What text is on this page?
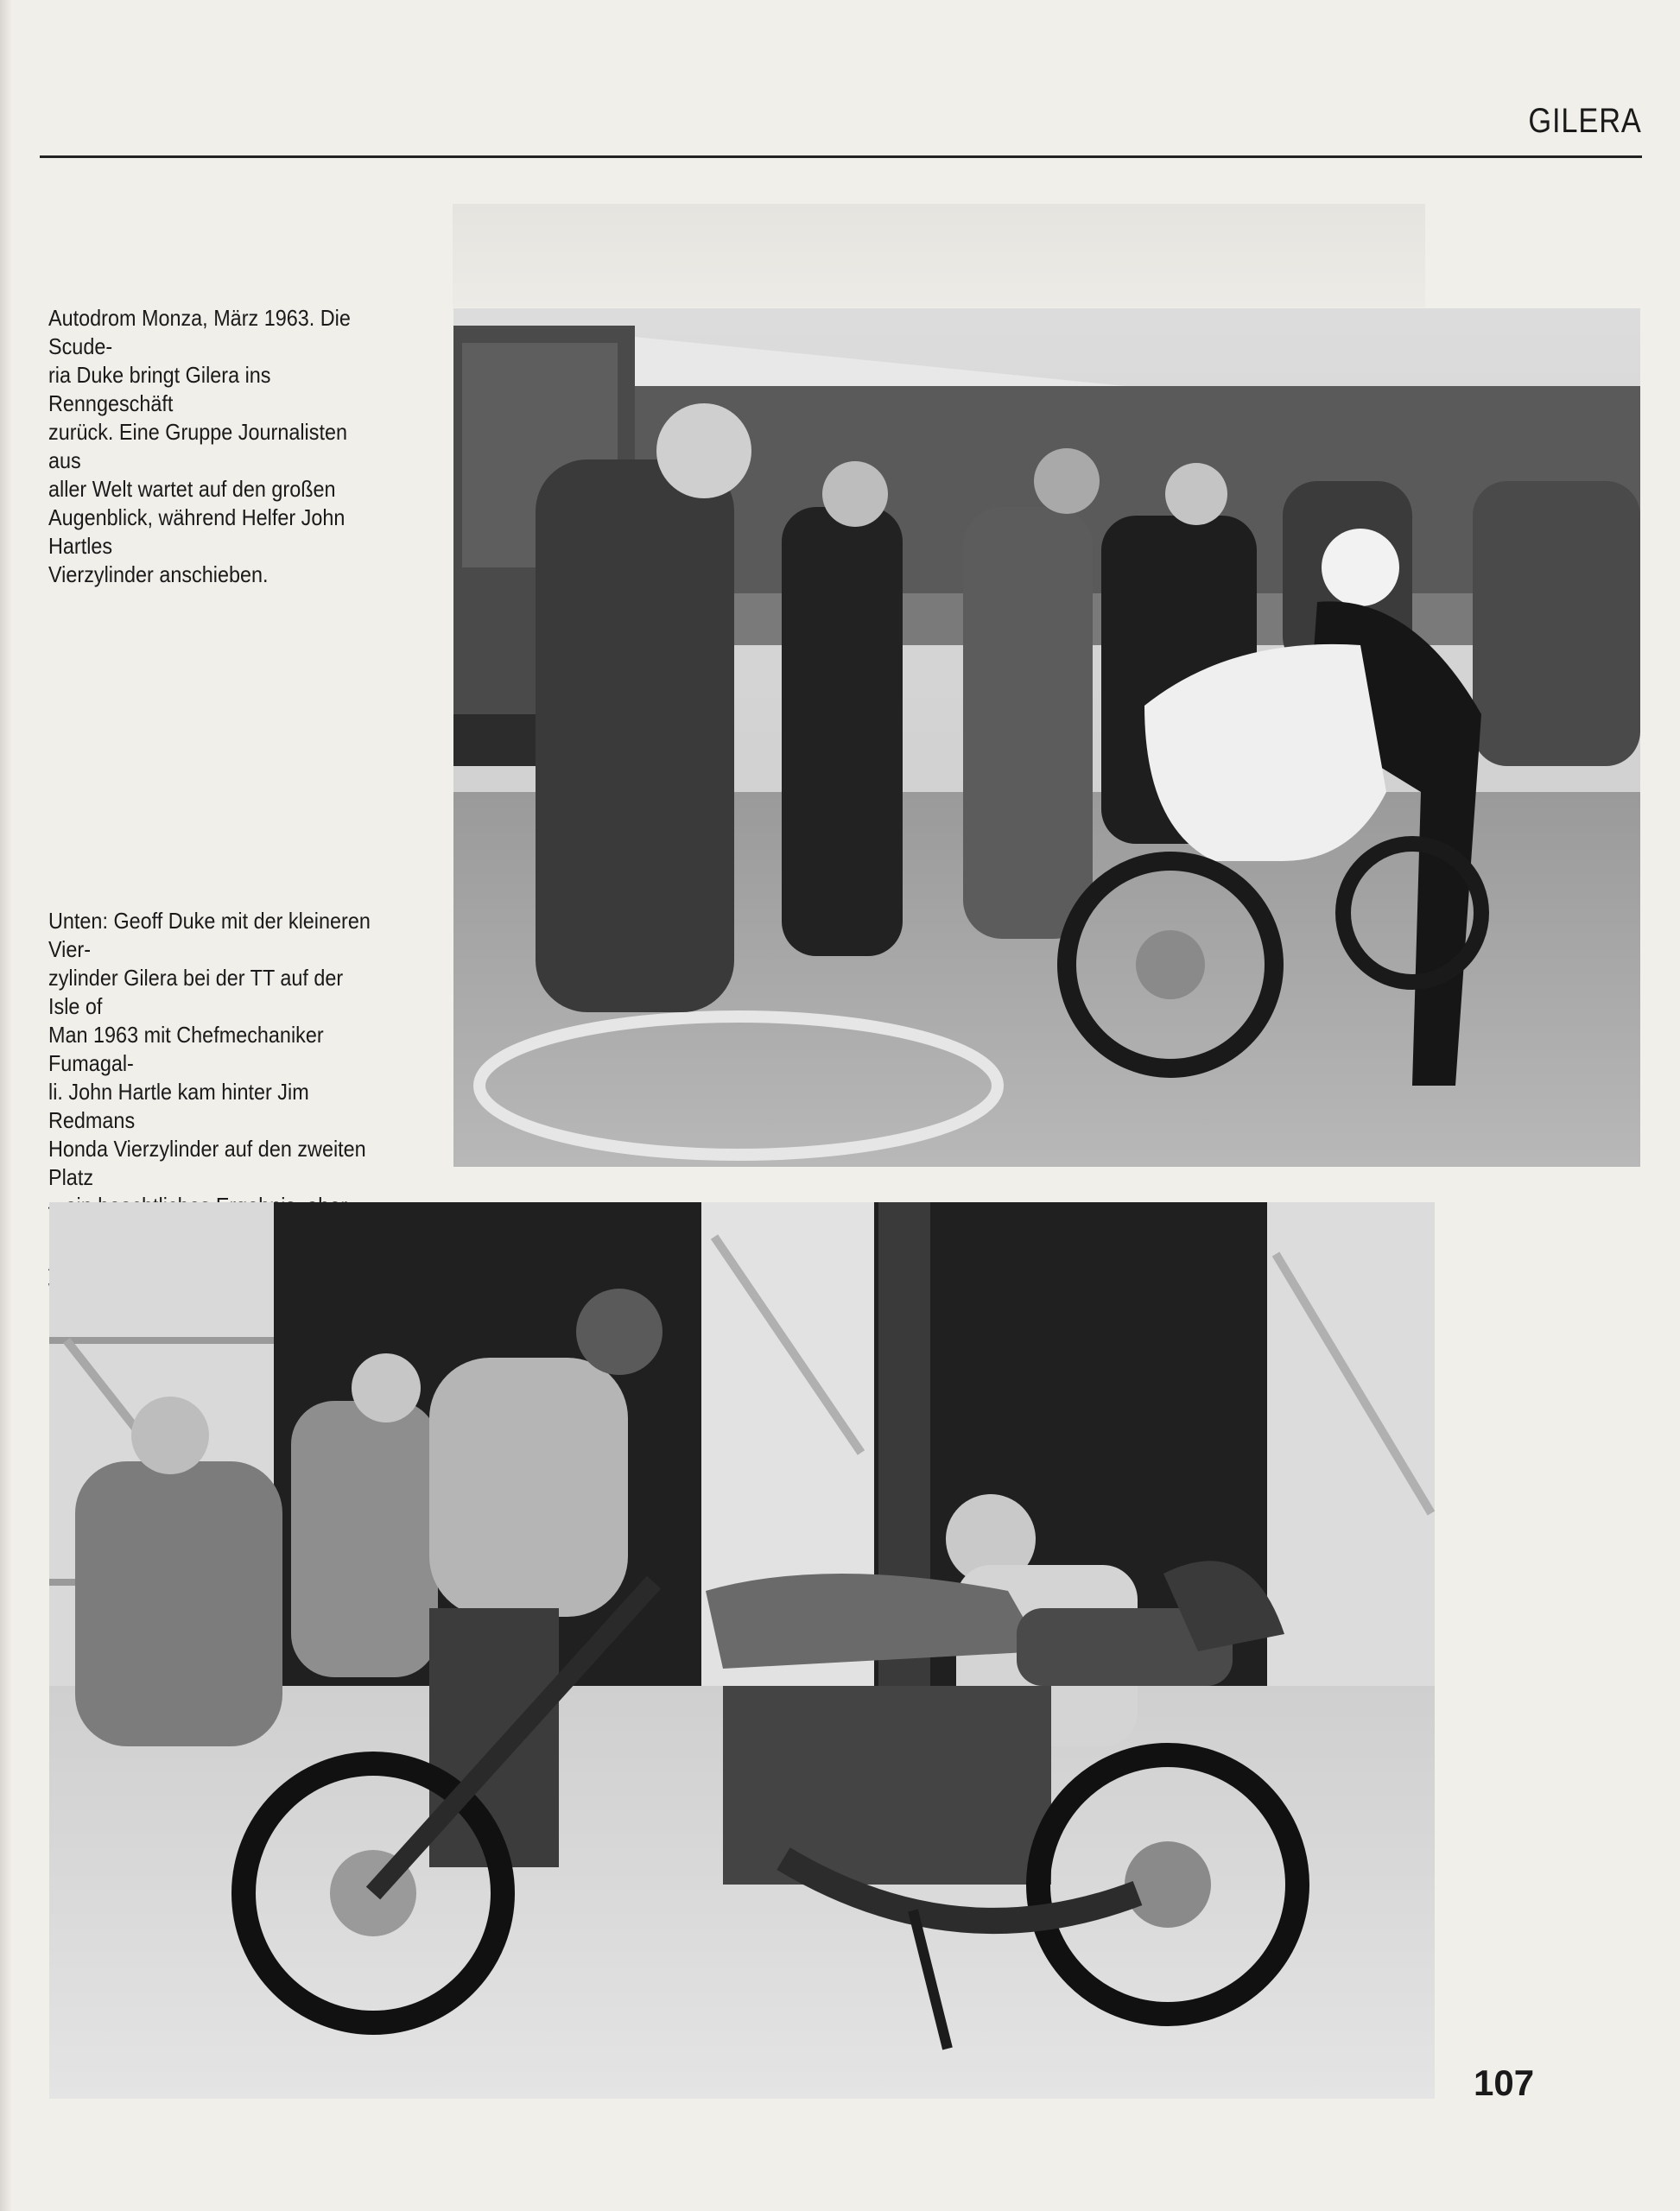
GILERA
Autodrom Monza, März 1963. Die Scude-
ria Duke bringt Gilera ins Renngeschäft
zurück. Eine Gruppe Journalisten aus
aller Welt wartet auf den großen
Augenblick, während Helfer John Hartles
Vierzylinder anschieben.
Unten: Geoff Duke mit der kleineren Vier-
zylinder Gilera bei der TT auf der Isle of
Man 1963 mit Chefmechaniker Fumagal-
li. John Hartle kam hinter Jim Redmans
Honda Vierzylinder auf den zweiten Platz

107
